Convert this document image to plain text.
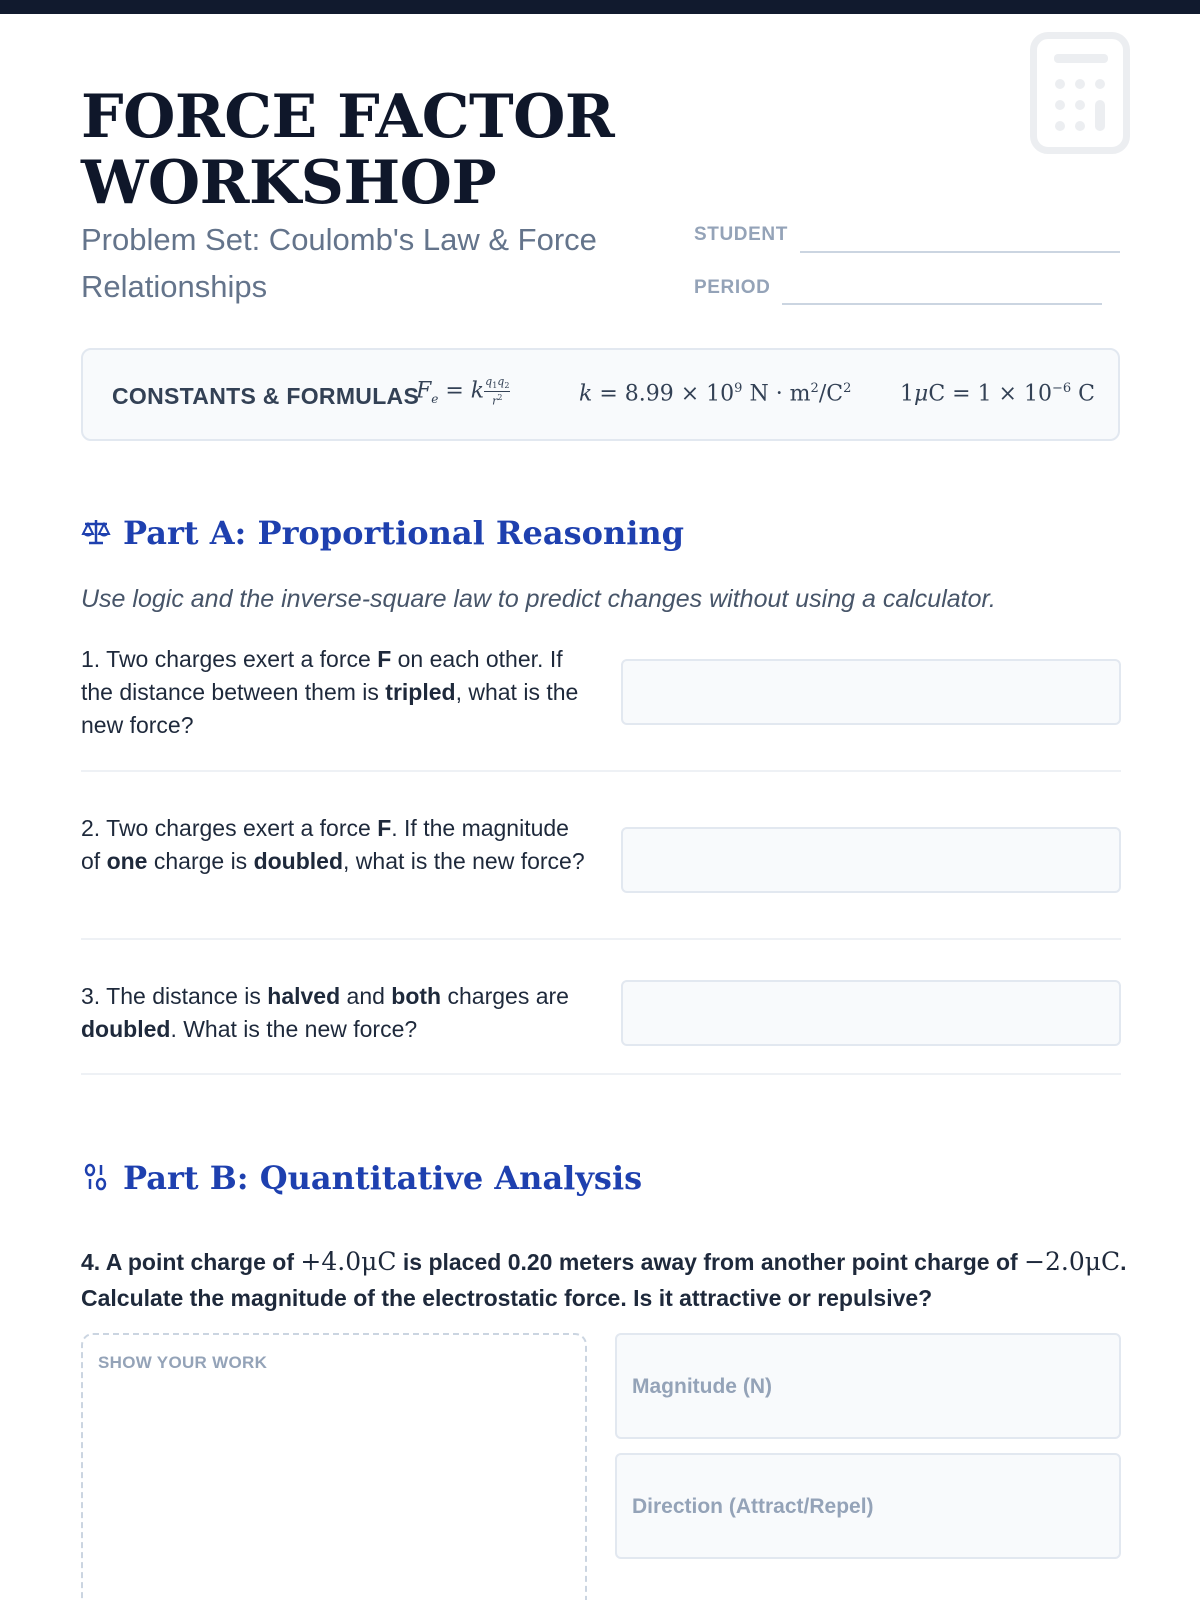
FORCE FACTOR WORKSHOP
Problem Set: Coulomb's Law & Force Relationships
STUDENT
PERIOD
CONSTANTS & FORMULAS
$F_e = k \frac{q_1q_2}{r^2}$	$k = 8.99 \times 10^9$ $N \cdot m^2/C^2$ $1\mu C = 1 \times 10^{-6}$ C
Part A: Proportional Reasoning
Use logic and the inverse-square law to predict changes without using a calculator.
1. Two charges exert a force F on each other. If the distance between them is tripled, what is the new force?
2. Two charges exert a force F. If the magnitude of one charge is doubled, what is the new force?
3. The distance is halved and both charges are doubled. What is the new force?
Part B: Quantitative Analysis
4. A point charge of +4.0μC is placed 0.20 meters away from another point charge of −2.0μC. Calculate the magnitude of the electrostatic force. Is it attractive or repulsive?
SHOW YOUR WORK
Magnitude (N)
Direction (Attract/Repel)
